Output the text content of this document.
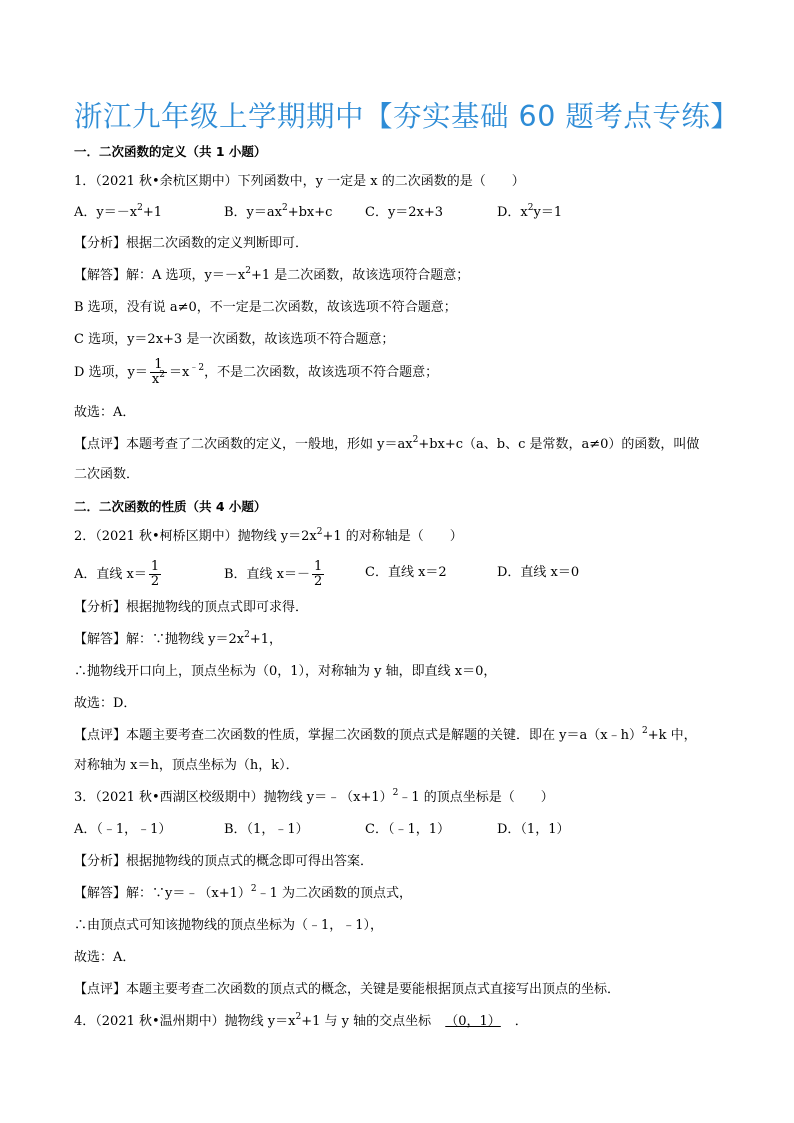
浙江九年级上学期期中【夯实基础 60 题考点专练】
一．二次函数的定义（共 1 小题）
1．（2021 秋•余杭区期中）下列函数中，y 一定是 x 的二次函数的是（　　）
A．$y=-x^2+1$	B．$y=ax^2+bx+c$	C．y＝2x+3	D．$x^2y=1$
【分析】根据二次函数的定义判断即可．
【解答】解：A 选项，$y=-x^2+1$ 是二次函数，故该选项符合题意；
B 选项，没有说 a≠0，不一定是二次函数，故该选项不符合题意；
C 选项，y＝2x+3 是一次函数，故该选项不符合题意；
D 选项，$y= \frac{1}{x^2} =x^{﹣2}$，不是二次函数，故该选项不符合题意；
故选：A．
【点评】本题考查了二次函数的定义，一般地，形如 $y=ax^2+bx+c(a$、b、c 是常数，a≠0）的函数，叫做
二次函数．
二．二次函数的性质（共 4 小题）
2．（2021 秋•柯桥区期中）抛物线 $y=2x^2+1$ 的对称轴是（　　）
A．直线 $x= \frac{1}{2}$	B．直线 $x=- \frac{1}{2}$	C．直线 x＝2	D．直线 x＝0
【分析】根据抛物线的顶点式即可求得．
【解答】解：∵抛物线 $y=2x^2+1$，
∴抛物线开口向上，顶点坐标为（0，1），对称轴为 y 轴，即直线 x＝0，
故选：D．
【点评】本题主要考查二次函数的性质，掌握二次函数的顶点式是解题的关键．即在 y＝a（x﹣h）$^2$+k 中，
对称轴为 x＝h，顶点坐标为（h，k）．
3．（2021 秋•西湖区校级期中）抛物线 $y=﹣(x+1)^2﹣1$ 的顶点坐标是（　　）
A．（﹣1，﹣1）	B．（1，﹣1）	C．（﹣1，1）	D．（1，1）
【分析】根据抛物线的顶点式的概念即可得出答案．
【解答】解：$\because y=﹣(x+1)^2﹣1$ 为二次函数的顶点式，
∴由顶点式可知该抛物线的顶点坐标为（﹣1，﹣1），
故选：A．
【点评】本题主要考查二次函数的顶点式的概念，关键是要能根据顶点式直接写出顶点的坐标．
4．（2021 秋•温州期中）抛物线 $y=x^2+1$ 与 y 轴的交点坐标 （0，1） ．
